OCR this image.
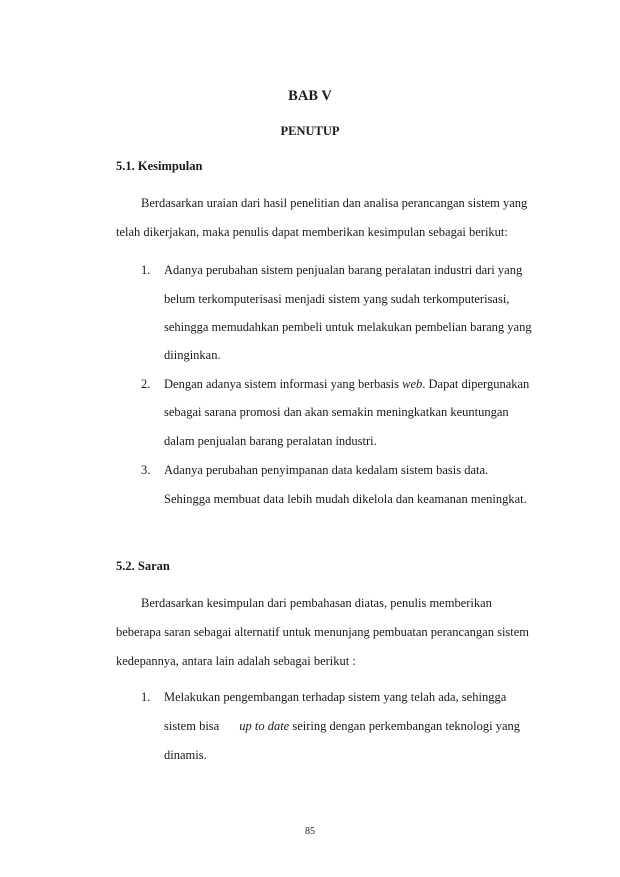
BAB V
PENUTUP
5.1. Kesimpulan
Berdasarkan uraian dari hasil penelitian dan analisa perancangan sistem yang
telah dikerjakan, maka penulis dapat memberikan kesimpulan sebagai berikut:
1. Adanya perubahan sistem penjualan barang peralatan industri dari yang
belum terkomputerisasi menjadi sistem yang sudah terkomputerisasi,
sehingga memudahkan pembeli untuk melakukan pembelian barang yang
diinginkan.
2. Dengan adanya sistem informasi yang berbasis web. Dapat dipergunakan
sebagai sarana promosi dan akan semakin meningkatkan keuntungan
dalam penjualan barang peralatan industri.
3. Adanya perubahan penyimpanan data kedalam sistem basis data.
Sehingga membuat data lebih mudah dikelola dan keamanan meningkat.
5.2. Saran
Berdasarkan kesimpulan dari pembahasan diatas, penulis memberikan
beberapa saran sebagai alternatif untuk menunjang pembuatan perancangan sistem
kedepannya, antara lain adalah sebagai berikut :
1. Melakukan pengembangan terhadap sistem yang telah ada, sehingga
sistem bisa up to date seiring dengan perkembangan teknologi yang
dinamis.
85
